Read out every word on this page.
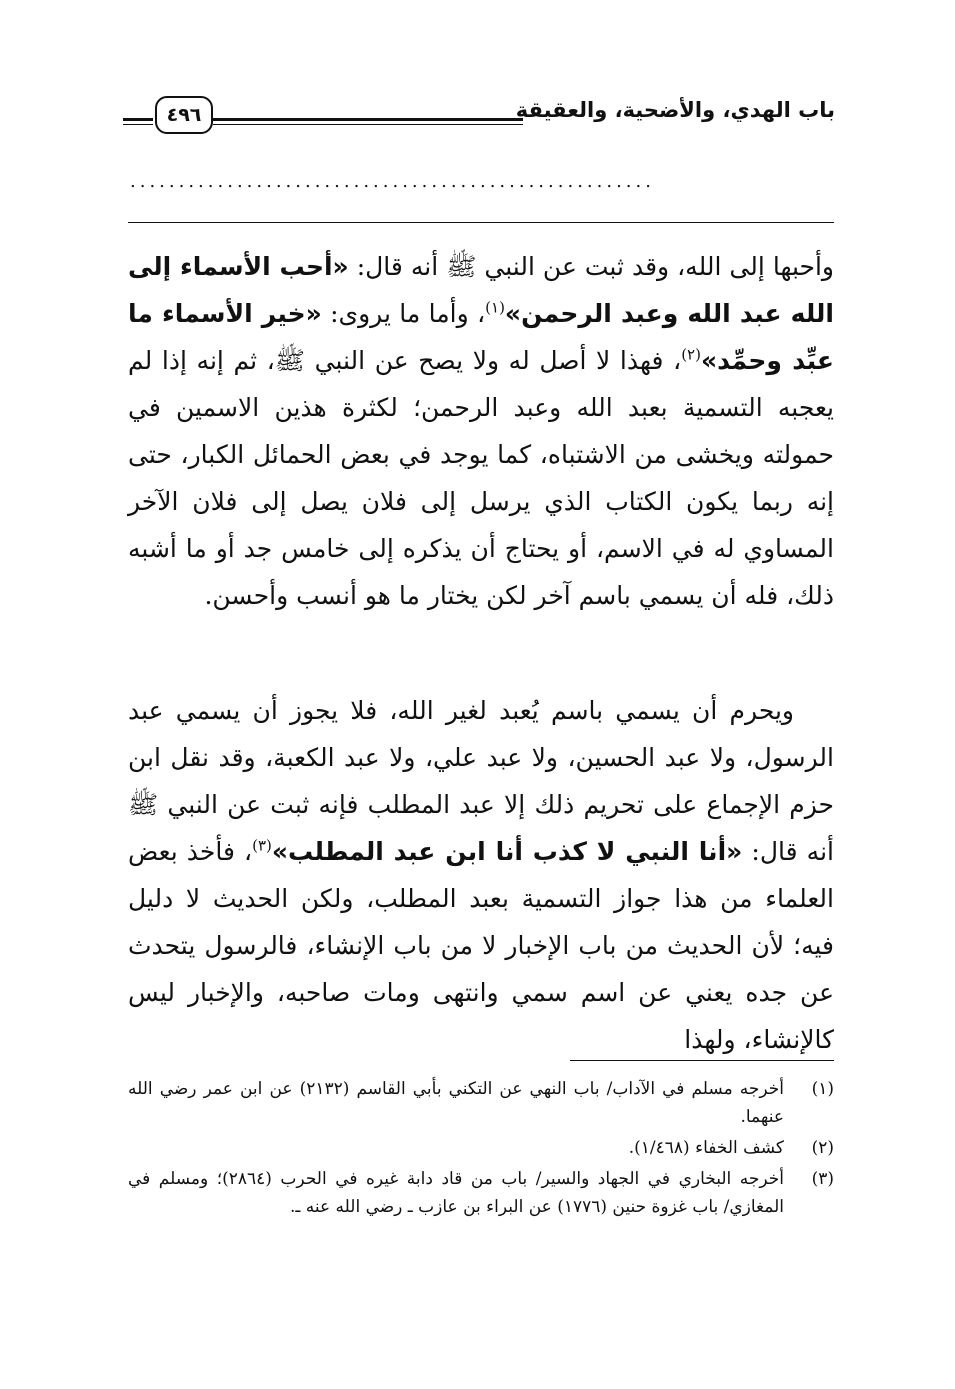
باب الهدي، والأضحية، والعقيقة
٤٩٦
......................................................

وأحبها إلى الله، وقد ثبت عن النبي ﷺ أنه قال: «أحب الأسماء إلى الله عبد الله وعبد الرحمن»$^{(١)}$، وأما ما يروى: «خير الأسماء ما عبِّد وحمِّد»$^{(٢)}$، فهذا لا أصل له ولا يصح عن النبي ﷺ، ثم إنه إذا لم يعجبه التسمية بعبد الله وعبد الرحمن؛ لكثرة هذين الاسمين في حمولته ويخشى من الاشتباه، كما يوجد في بعض الحمائل الكبار، حتى إنه ربما يكون الكتاب الذي يرسل إلى فلان يصل إلى فلان الآخر المساوي له في الاسم، أو يحتاج أن يذكره إلى خامس جد أو ما أشبه ذلك، فله أن يسمي باسم آخر لكن يختار ما هو أنسب وأحسن.

ويحرم أن يسمي باسم يُعبد لغير الله، فلا يجوز أن يسمي عبد الرسول، ولا عبد الحسين، ولا عبد علي، ولا عبد الكعبة، وقد نقل ابن حزم الإجماع على تحريم ذلك إلا عبد المطلب فإنه ثبت عن النبي ﷺ أنه قال: «أنا النبي لا كذب أنا ابن عبد المطلب»$^{(٣)}$، فأخذ بعض العلماء من هذا جواز التسمية بعبد المطلب، ولكن الحديث لا دليل فيه؛ لأن الحديث من باب الإخبار لا من باب الإنشاء، فالرسول يتحدث عن جده يعني عن اسم سمي وانتهى ومات صاحبه، والإخبار ليس كالإنشاء، ولهذا

(١)
أخرجه مسلم في الآداب/ باب النهي عن التكني بأبي القاسم (٢١٣٢) عن ابن عمر رضي الله عنهما.
(٢)
كشف الخفاء (١/٤٦٨).
(٣)
أخرجه البخاري في الجهاد والسير/ باب من قاد دابة غيره في الحرب (٢٨٦٤)؛ ومسلم في المغازي/ باب غزوة حنين (١٧٧٦) عن البراء بن عازب ـ رضي الله عنه ـ.
